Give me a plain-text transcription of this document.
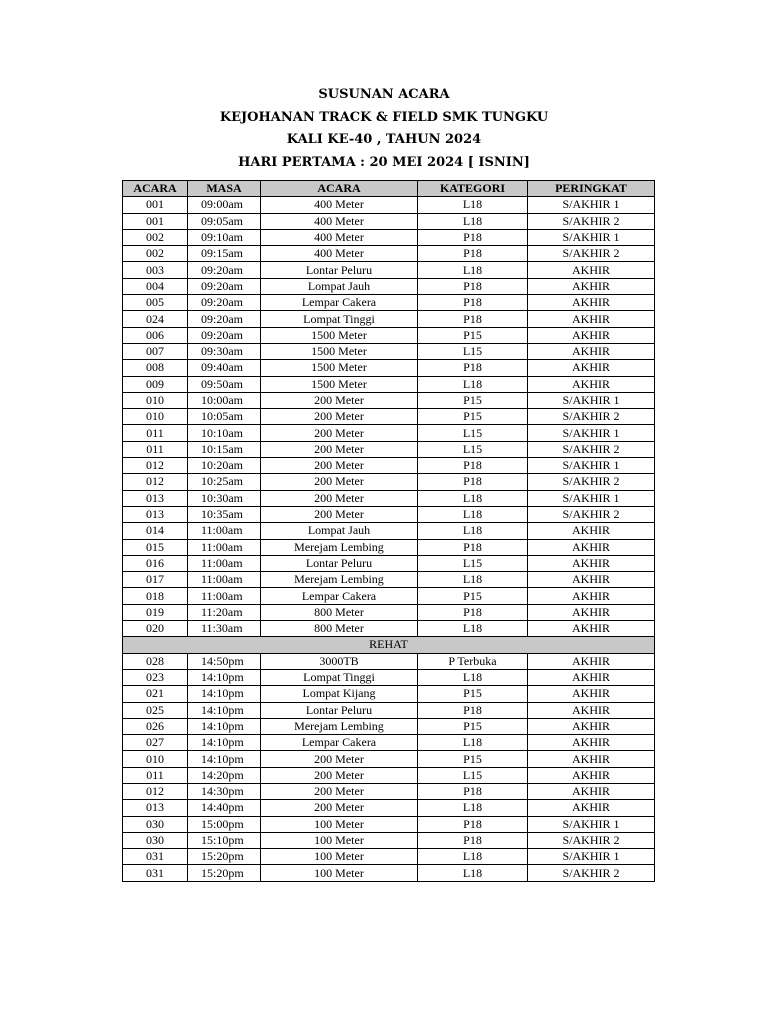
SUSUNAN ACARA
KEJOHANAN TRACK & FIELD SMK TUNGKU
KALI KE-40 , TAHUN 2024
HARI PERTAMA : 20 MEI 2024 [ ISNIN]
ACARA	MASA	ACARA	KATEGORI	PERINGKAT
001	09:00am	400 Meter	L18	S/AKHIR 1
001	09:05am	400 Meter	L18	S/AKHIR 2
002	09:10am	400 Meter	P18	S/AKHIR 1
002	09:15am	400 Meter	P18	S/AKHIR 2
003	09:20am	Lontar Peluru	L18	AKHIR
004	09:20am	Lompat Jauh	P18	AKHIR
005	09:20am	Lempar Cakera	P18	AKHIR
024	09:20am	Lompat Tinggi	P18	AKHIR
006	09:20am	1500 Meter	P15	AKHIR
007	09:30am	1500 Meter	L15	AKHIR
008	09:40am	1500 Meter	P18	AKHIR
009	09:50am	1500 Meter	L18	AKHIR
010	10:00am	200 Meter	P15	S/AKHIR 1
010	10:05am	200 Meter	P15	S/AKHIR 2
011	10:10am	200 Meter	L15	S/AKHIR 1
011	10:15am	200 Meter	L15	S/AKHIR 2
012	10:20am	200 Meter	P18	S/AKHIR 1
012	10:25am	200 Meter	P18	S/AKHIR 2
013	10:30am	200 Meter	L18	S/AKHIR 1
013	10:35am	200 Meter	L18	S/AKHIR 2
014	11:00am	Lompat Jauh	L18	AKHIR
015	11:00am	Merejam Lembing	P18	AKHIR
016	11:00am	Lontar Peluru	L15	AKHIR
017	11:00am	Merejam Lembing	L18	AKHIR
018	11:00am	Lempar Cakera	P15	AKHIR
019	11:20am	800 Meter	P18	AKHIR
020	11:30am	800 Meter	L18	AKHIR
REHAT				
028	14:50pm	3000TB	P Terbuka	AKHIR
023	14:10pm	Lompat Tinggi	L18	AKHIR
021	14:10pm	Lompat Kijang	P15	AKHIR
025	14:10pm	Lontar Peluru	P18	AKHIR
026	14:10pm	Merejam Lembing	P15	AKHIR
027	14:10pm	Lempar Cakera	L18	AKHIR
010	14:10pm	200 Meter	P15	AKHIR
011	14:20pm	200 Meter	L15	AKHIR
012	14:30pm	200 Meter	P18	AKHIR
013	14:40pm	200 Meter	L18	AKHIR
030	15:00pm	100 Meter	P18	S/AKHIR 1
030	15:10pm	100 Meter	P18	S/AKHIR 2
031	15:20pm	100 Meter	L18	S/AKHIR 1
031	15:20pm	100 Meter	L18	S/AKHIR 2
